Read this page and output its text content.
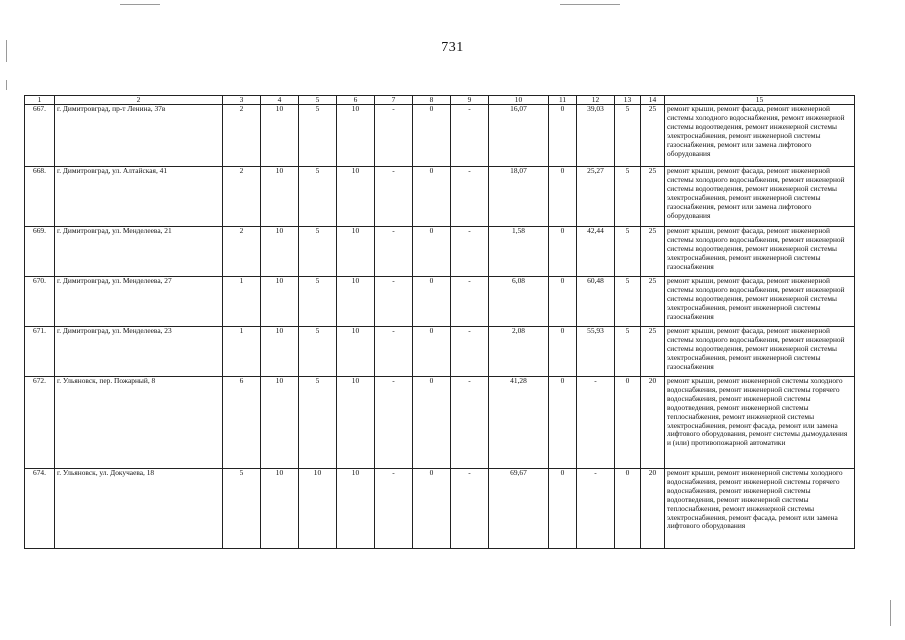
731
1	2	3	4	5	6	7	8	9	10	11	12	13	14	15
667.	г. Димитровград, пр-т Ленина, 37в	2	10	5	10	-	0	-	16,07	0	39,03	5	25	ремонт крыши, ремонт фасада, ремонт инженерной системы холодного водоснабжения, ремонт инженерной системы водоотведения, ремонт инженерной системы электроснабжения, ремонт инженерной системы газоснабжения, ремонт или замена лифтового оборудования
668.	г. Димитровград, ул. Алтайская, 41	2	10	5	10	-	0	-	18,07	0	25,27	5	25	ремонт крыши, ремонт фасада, ремонт инженерной системы холодного водоснабжения, ремонт инженерной системы водоотведения, ремонт инженерной системы электроснабжения, ремонт инженерной системы газоснабжения, ремонт или замена лифтового оборудования
669.	г. Димитровград, ул. Менделеева, 21	2	10	5	10	-	0	-	1,58	0	42,44	5	25	ремонт крыши, ремонт фасада, ремонт инженерной системы холодного водоснабжения, ремонт инженерной системы водоотведения, ремонт инженерной системы электроснабжения, ремонт инженерной системы газоснабжения
670.	г. Димитровград, ул. Менделеева, 27	1	10	5	10	-	0	-	6,08	0	60,48	5	25	ремонт крыши, ремонт фасада, ремонт инженерной системы холодного водоснабжения, ремонт инженерной системы водоотведения, ремонт инженерной системы электроснабжения, ремонт инженерной системы газоснабжения
671.	г. Димитровград, ул. Менделеева, 23	1	10	5	10	-	0	-	2,08	0	55,93	5	25	ремонт крыши, ремонт фасада, ремонт инженерной системы холодного водоснабжения, ремонт инженерной системы водоотведения, ремонт инженерной системы электроснабжения, ремонт инженерной системы газоснабжения
672.	г. Ульяновск, пер. Пожарный, 8	6	10	5	10	-	0	-	41,28	0	-	0	20	ремонт крыши, ремонт инженерной системы холодного водоснабжения, ремонт инженерной системы горячего водоснабжения, ремонт инженерной системы водоотведения, ремонт инженерной системы теплоснабжения, ремонт инженерной системы электроснабжения, ремонт фасада, ремонт или замена лифтового оборудования, ремонт системы дымоудаления и (или) противопожарной автоматики
674.	г. Ульяновск, ул. Докучаева, 18	5	10	10	10	-	0	-	69,67	0	-	0	20	ремонт крыши, ремонт инженерной системы холодного водоснабжения, ремонт инженерной системы горячего водоснабжения, ремонт инженерной системы водоотведения, ремонт инженерной системы теплоснабжения, ремонт инженерной системы электроснабжения, ремонт фасада, ремонт или замена лифтового оборудования
